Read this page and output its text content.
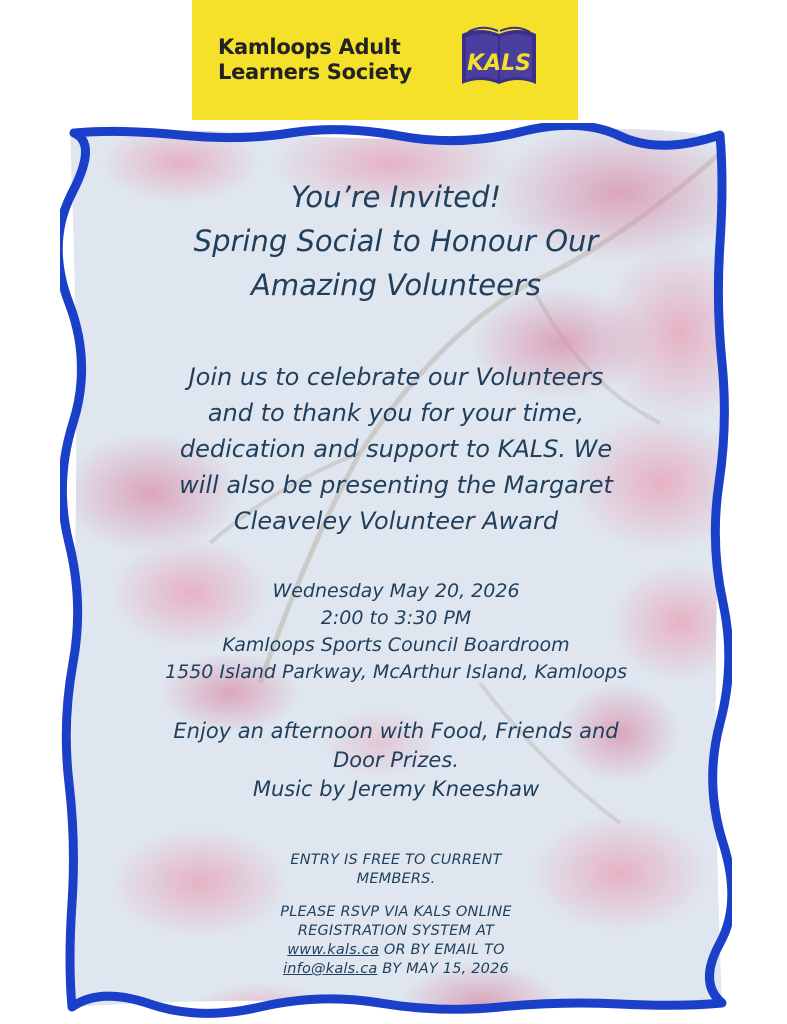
Kamloops Adult
Learners Society	KALS
You’re Invited!
Spring Social to Honour Our
Amazing Volunteers
Join us to celebrate our Volunteers
and to thank you for your time,
dedication and support to KALS. We
will also be presenting the Margaret
Cleaveley Volunteer Award
Wednesday May 20, 2026
2:00 to 3:30 PM
Kamloops Sports Council Boardroom
1550 Island Parkway, McArthur Island, Kamloops
Enjoy an afternoon with Food, Friends and
Door Prizes.
Music by Jeremy Kneeshaw
ENTRY IS FREE TO CURRENT
MEMBERS.
PLEASE RSVP VIA KALS ONLINE
REGISTRATION SYSTEM AT
www.kals.ca OR BY EMAIL TO
info@kals.ca BY MAY 15, 2026
